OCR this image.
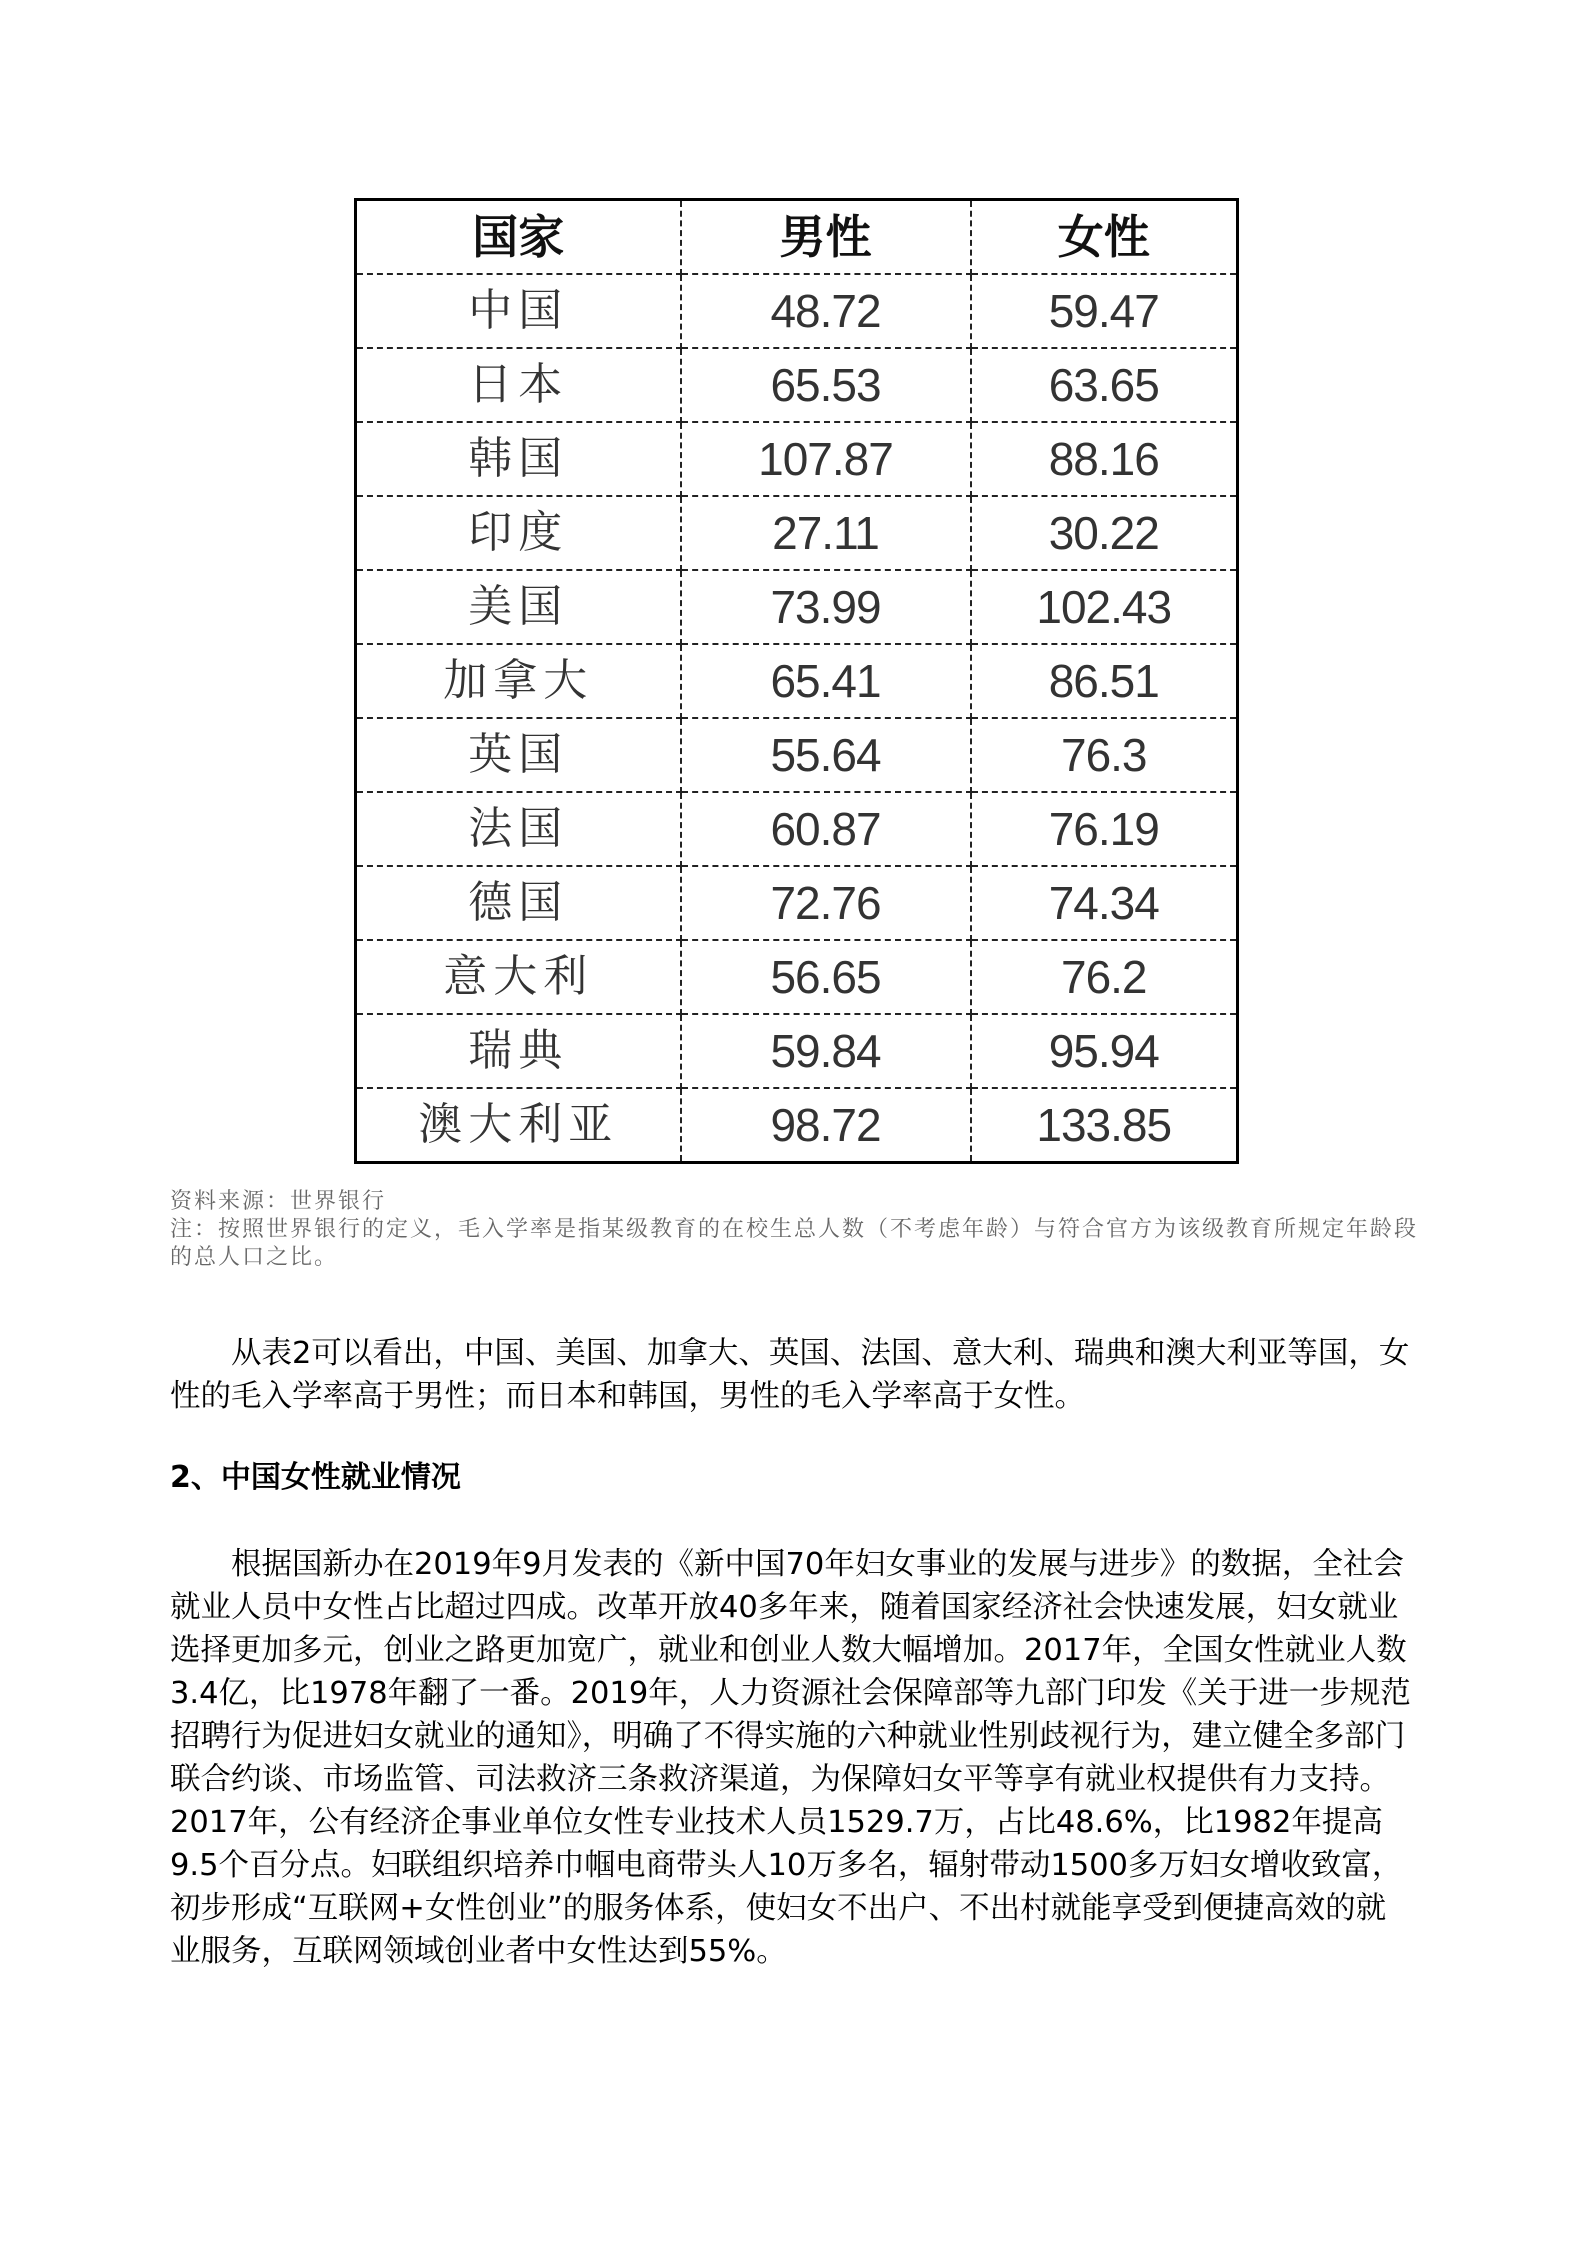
国家	男性	女性
中国	48.72	59.47
日本	65.53	63.65
韩国	107.87	88.16
印度	27.11	30.22
美国	73.99	102.43
加拿大	65.41	86.51
英国	55.64	76.3
法国	60.87	76.19
德国	72.76	74.34
意大利	56.65	76.2
瑞典	59.84	95.94
澳大利亚	98.72	133.85

资料来源：世界银行

注：按照世界银行的定义，毛入学率是指某级教育的在校生总人数（不考虑年龄）与符合官方为该级教育所规定年龄段的总人口之比。

从表2可以看出，中国、美国、加拿大、英国、法国、意大利、瑞典和澳大利亚等国，女性的毛入学率高于男性；而日本和韩国，男性的毛入学率高于女性。

2、中国女性就业情况

根据国新办在2019年9月发表的《新中国70年妇女事业的发展与进步》的数据，全社会就业人员中女性占比超过四成。改革开放40多年来，随着国家经济社会快速发展，妇女就业选择更加多元，创业之路更加宽广，就业和创业人数大幅增加。2017年，全国女性就业人数3.4亿，比1978年翻了一番。2019年，人力资源社会保障部等九部门印发《关于进一步规范招聘行为促进妇女就业的通知》，明确了不得实施的六种就业性别歧视行为，建立健全多部门联合约谈、市场监管、司法救济三条救济渠道，为保障妇女平等享有就业权提供有力支持。2017年，公有经济企事业单位女性专业技术人员1529.7万，占比48.6%，比1982年提高9.5个百分点。妇联组织培养巾帼电商带头人10万多名，辐射带动1500多万妇女增收致富，初步形成“互联网+女性创业”的服务体系，使妇女不出户、不出村就能享受到便捷高效的就业服务，互联网领域创业者中女性达到55%。
